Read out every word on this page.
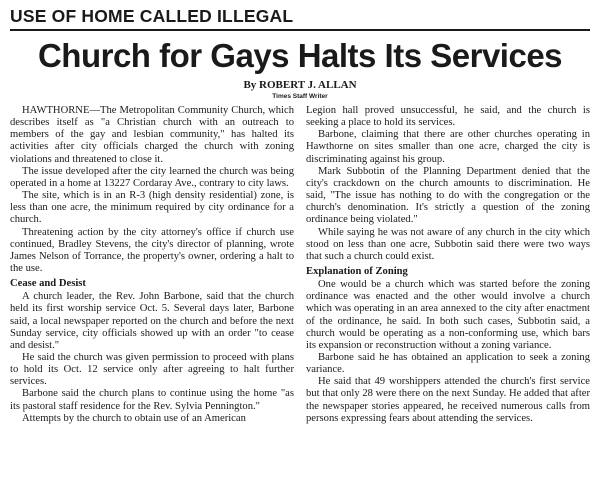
USE OF HOME CALLED ILLEGAL
Church for Gays Halts Its Services
By ROBERT J. ALLAN
Times Staff Writer

HAWTHORNE—The Metropolitan Community Church, which describes itself as "a Christian church with an outreach to members of the gay and lesbian community," has halted its activities after city officials charged the church with zoning violations and threatened to close it.

The issue developed after the city learned the church was being operated in a home at 13227 Cordaray Ave., contrary to city laws.

The site, which is in an R-3 (high density residential) zone, is less than one acre, the minimum required by city ordinance for a church.

Threatening action by the city attorney's office if church use continued, Bradley Stevens, the city's director of planning, wrote James Nelson of Torrance, the property's owner, ordering a halt to the use.

Cease and Desist

A church leader, the Rev. John Barbone, said that the church held its first worship service Oct. 5. Several days later, Barbone said, a local newspaper reported on the church and before the next Sunday service, city officials showed up with an order "to cease and desist."

He said the church was given permission to proceed with plans to hold its Oct. 12 service only after agreeing to halt further services.

Barbone said the church plans to continue using the home "as its pastoral staff residence for the Rev. Sylvia Pennington."

Attempts by the church to obtain use of an American

Legion hall proved unsuccessful, he said, and the church is seeking a place to hold its services.

Barbone, claiming that there are other churches operating in Hawthorne on sites smaller than one acre, charged the city is discriminating against his group.

Mark Subbotin of the Planning Department denied that the city's crackdown on the church amounts to discrimination. He said, "The issue has nothing to do with the congregation or the church's denomination. It's strictly a question of the zoning ordinance being violated."

While saying he was not aware of any church in the city which stood on less than one acre, Subbotin said there were two ways that such a church could exist.

Explanation of Zoning

One would be a church which was started before the zoning ordinance was enacted and the other would involve a church which was operating in an area annexed to the city after enactment of the ordinance, he said. In both such cases, Subbotin said, a church would be operating as a non-conforming use, which bars its expansion or reconstruction without a zoning variance.

Barbone said he has obtained an application to seek a zoning variance.

He said that 49 worshippers attended the church's first service but that only 28 were there on the next Sunday. He added that after the newspaper stories appeared, he received numerous calls from persons expressing fears about attending the services.
